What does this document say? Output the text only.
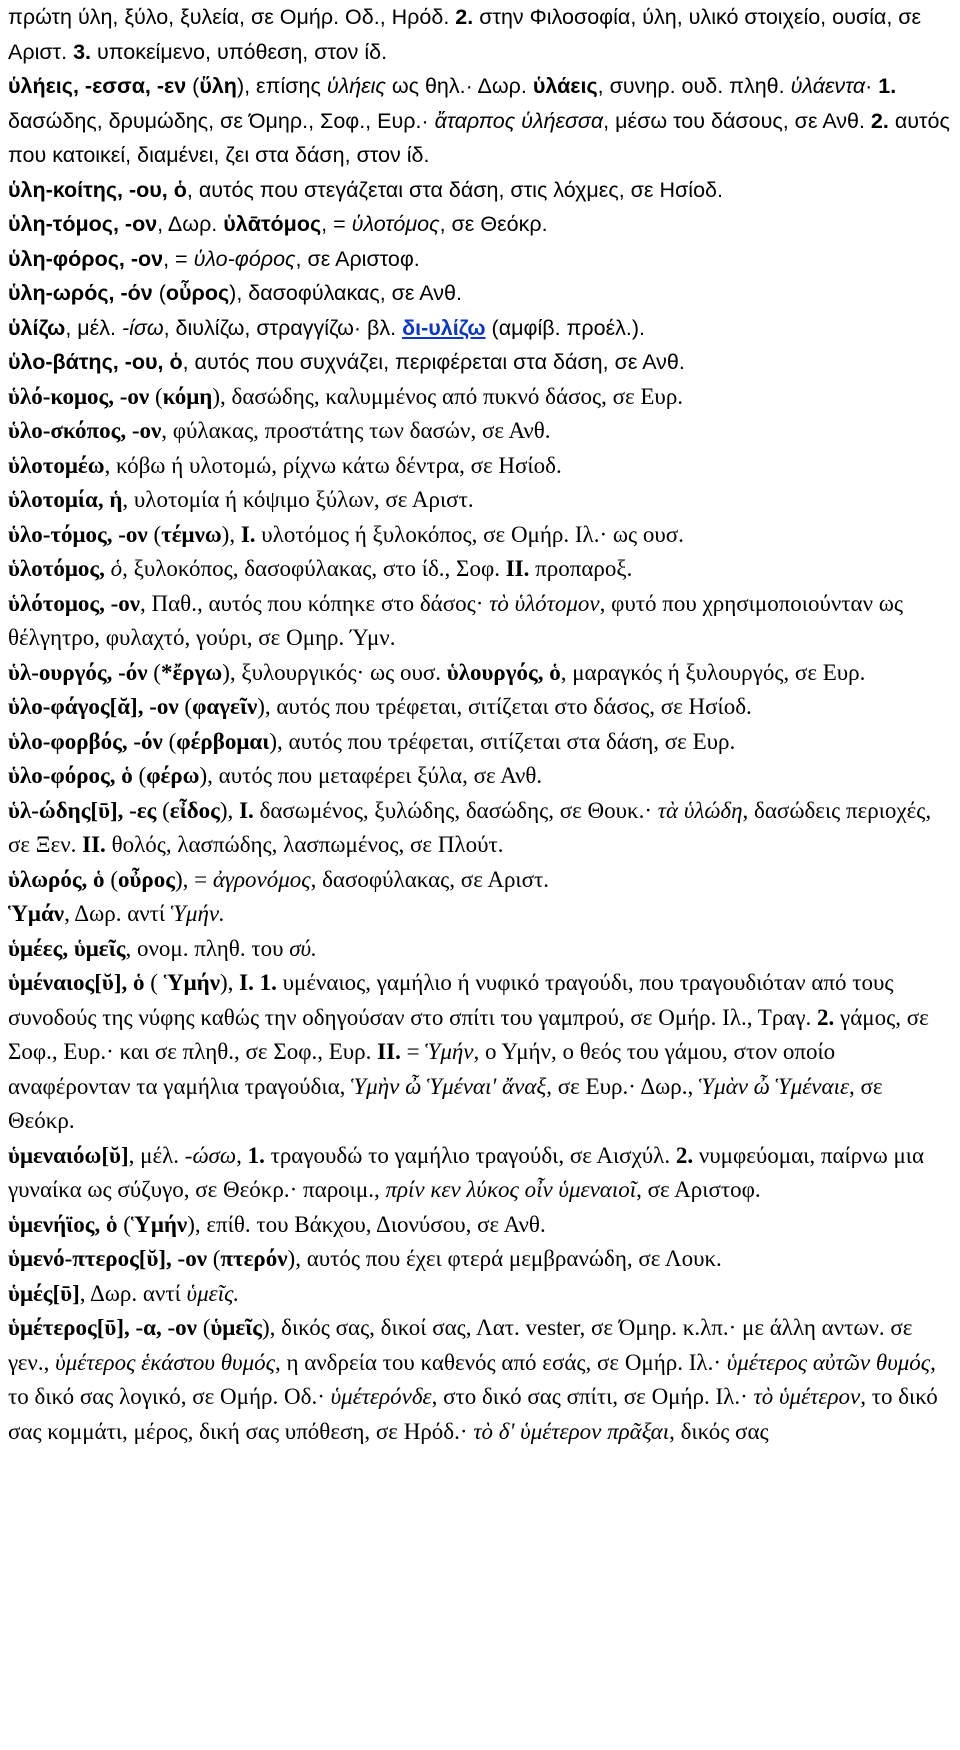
πρώτη ύλη, ξύλο, ξυλεία, σε Ομήρ. Οδ., Ηρόδ. 2. στην Φιλοσοφία, ύλη, υλικό στοιχείο, ουσία, σε Αριστ. 3. υποκείμενο, υπόθεση, στον ίδ.

ὑλήεις, -εσσα, -εν (ὕλη), επίσης ὑλήεις ως θηλ.· Δωρ. ὑλάεις, συνηρ. ουδ. πληθ. ὑλάεντα· 1. δασώδης, δρυμώδης, σε Όμηρ., Σοφ., Ευρ.· ἄταρπος ὑλήεσσα, μέσω του δάσους, σε Ανθ. 2. αυτός που κατοικεί, διαμένει, ζει στα δάση, στον ίδ.

ὑλη-κοίτης, -ου, ὁ, αυτός που στεγάζεται στα δάση, στις λόχμες, σε Ησίοδ.

ὑλη-τόμος, -ον, Δωρ. ὑλᾱτόμος, = ὑλοτόμος, σε Θεόκρ.

ὑλη-φόρος, -ον, = ὑλο-φόρος, σε Αριστοφ.

ὑλη-ωρός, -όν (οὖρος), δασοφύλακας, σε Ανθ.

ὑλίζω, μέλ. -ίσω, διυλίζω, στραγγίζω· βλ. δι-υλίζω (αμφίβ. προέλ.).

ὑλο-βάτης, -ου, ὁ, αυτός που συχνάζει, περιφέρεται στα δάση, σε Ανθ.

ὑλό-κομος, -ον (κόμη), δασώδης, καλυμμένος από πυκνό δάσος, σε Ευρ.

ὑλο-σκόπος, -ον, φύλακας, προστάτης των δασών, σε Ανθ.

ὑλοτομέω, κόβω ή υλοτομώ, ρίχνω κάτω δέντρα, σε Ησίοδ.

ὑλοτομία, ἡ, υλοτομία ή κόψιμο ξύλων, σε Αριστ.

ὑλο-τόμος, -ον (τέμνω), I. υλοτόμος ή ξυλοκόπος, σε Ομήρ. Ιλ.· ως ουσ.

ὑλοτόμος, ὁ, ξυλοκόπος, δασοφύλακας, στο ίδ., Σοφ. II. προπαροξ.

ὑλότομος, -ον, Παθ., αυτός που κόπηκε στο δάσος· τὸ ὑλότομον, φυτό που χρησιμοποιούνταν ως θέλγητρο, φυλαχτό, γούρι, σε Ομηρ. Ύμν.

ὑλ-ουργός, -όν (*ἔργω), ξυλουργικός· ως ουσ. ὑλουργός, ὁ, μαραγκός ή ξυλουργός, σε Ευρ.

ὑλο-φάγος[ᾰ], -ον (φαγεῖν), αυτός που τρέφεται, σιτίζεται στο δάσος, σε Ησίοδ.

ὑλο-φορβός, -όν (φέρβομαι), αυτός που τρέφεται, σιτίζεται στα δάση, σε Ευρ.

ὑλο-φόρος, ὁ (φέρω), αυτός που μεταφέρει ξύλα, σε Ανθ.

ὑλ-ώδης[ῡ], -ες (εἶδος), I. δασωμένος, ξυλώδης, δασώδης, σε Θουκ.· τὰ ὑλώδη, δασώδεις περιοχές, σε Ξεν. II. θολός, λασπώδης, λασπωμένος, σε Πλούτ.

ὑλωρός, ὁ (οὖρος), = ἀγρονόμος, δασοφύλακας, σε Αριστ.

Ὑμάν, Δωρ. αντί Ὑμήν.

ὑμέες, ὑμεῖς, ονομ. πληθ. του σύ.

ὑμέναιος[ῠ], ὁ ( Ὑμήν), I. 1. υμέναιος, γαμήλιο ή νυφικό τραγούδι, που τραγουδιόταν από τους συνοδούς της νύφης καθώς την οδηγούσαν στο σπίτι του γαμπρού, σε Ομήρ. Ιλ., Τραγ. 2. γάμος, σε Σοφ., Ευρ.· και σε πληθ., σε Σοφ., Ευρ. II. = Ὑμήν, ο Υμήν, ο θεός του γάμου, στον οποίο αναφέρονταν τα γαμήλια τραγούδια, Ὑμὴν ὦ Ὑμέναι' ἄναξ, σε Ευρ.· Δωρ., Ὑμὰν ὦ Ὑμέναιε, σε Θεόκρ.

ὑμεναιόω[ῠ], μέλ. -ώσω, 1. τραγουδώ το γαμήλιο τραγούδι, σε Αισχύλ. 2. νυμφεύομαι, παίρνω μια γυναίκα ως σύζυγο, σε Θεόκρ.· παροιμ., πρίν κεν λύκος οἶν ὑμεναιοῖ, σε Αριστοφ.

ὑμενήϊος, ὁ (Ὑμήν), επίθ. του Βάκχου, Διονύσου, σε Ανθ.

ὑμενό-πτερος[ῠ], -ον (πτερόν), αυτός που έχει φτερά μεμβρανώδη, σε Λουκ.

ὑμές[ῡ], Δωρ. αντί ὑμεῖς.

ὑμέτερος[ῡ], -α, -ον (ὑμεῖς), δικός σας, δικοί σας, Λατ. vester, σε Όμηρ. κ.λπ.· με άλλη αντων. σε γεν., ὑμέτερος ἑκάστου θυμός, η ανδρεία του καθενός από εσάς, σε Ομήρ. Ιλ.· ὑμέτερος αὐτῶν θυμός, το δικό σας λογικό, σε Ομήρ. Οδ.· ὑμέτερόνδε, στο δικό σας σπίτι, σε Ομήρ. Ιλ.· τὸ ὑμέτερον, το δικό σας κομμάτι, μέρος, δική σας υπόθεση, σε Ηρόδ.· τὸ δ' ὑμέτερον πρᾶξαι, δικός σας
